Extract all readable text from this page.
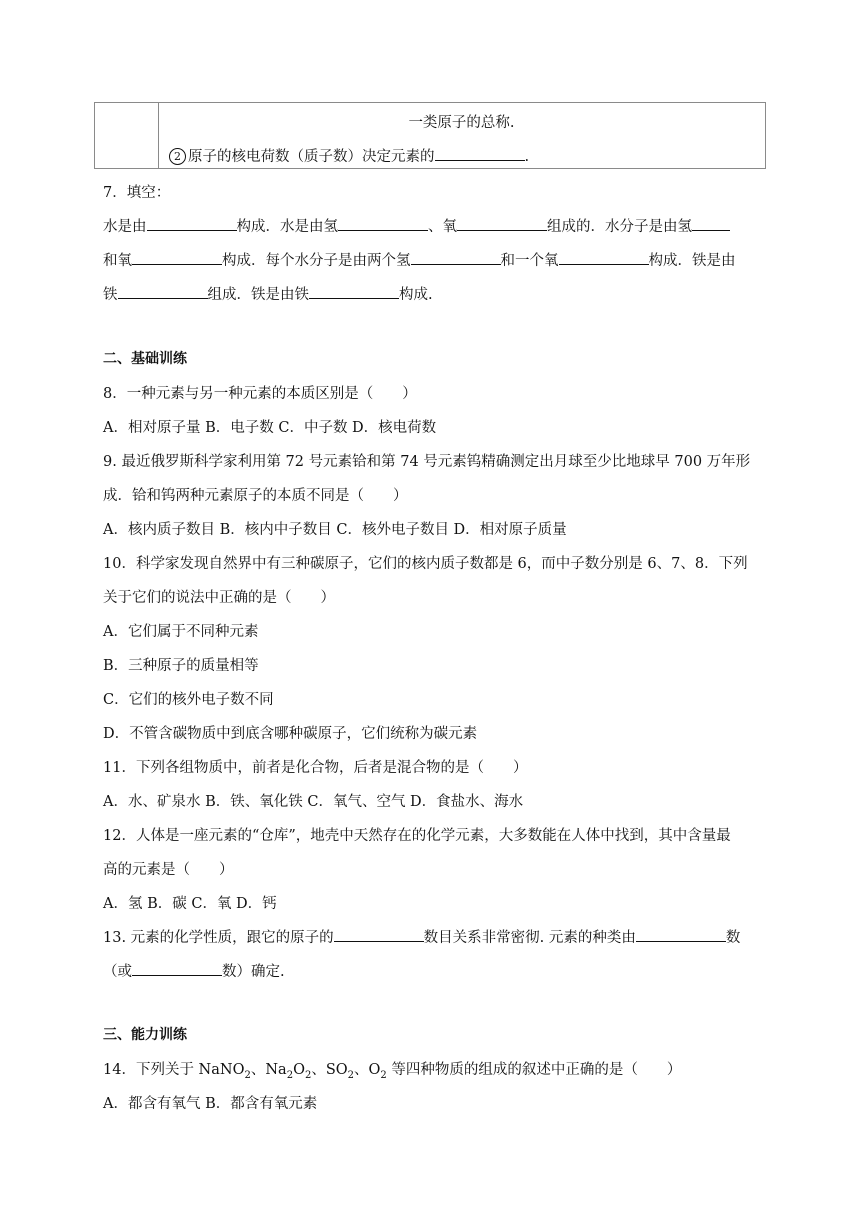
一类原子的总称.
2 原子的核电荷数（质子数）决定元素的	.
7．填空：
水是由	构成．水是由氢	、氧	组成的．水分子是由氢
和氧	构成．每个水分子是由两个氢	和一个氧	构成．铁是由
铁	组成．铁是由铁	构成.
二、基础训练
8．一种元素与另一种元素的本质区别是（　　）
A．相对原子量 B．电子数 C．中子数 D．核电荷数
9. 最近俄罗斯科学家利用第 72 号元素铪和第 74 号元素钨精确测定出月球至少比地球早 700 万年形
成．铪和钨两种元素原子的本质不同是（　　）
A．核内质子数目 B．核内中子数目 C．核外电子数目 D．相对原子质量
10．科学家发现自然界中有三种碳原子，它们的核内质子数都是 6，而中子数分别是 6、7、8．下列
关于它们的说法中正确的是（　　）
A．它们属于不同种元素
B．三种原子的质量相等
C．它们的核外电子数不同
D．不管含碳物质中到底含哪种碳原子，它们统称为碳元素
11．下列各组物质中，前者是化合物，后者是混合物的是（　　）
A．水、矿泉水 B．铁、氧化铁 C．氧气、空气 D．食盐水、海水
12．人体是一座元素的“仓库”，地壳中天然存在的化学元素，大多数能在人体中找到，其中含量最
高的元素是（　　）
A．氢 B．碳 C．氧 D．钙
13. 元素的化学性质，跟它的原子的	数目关系非常密彻. 元素的种类由	数
（或	数）确定.
三、能力训练
14．下列关于 NaNO$_2$、$Na_2O_2$、$SO_2$、$O_2$ 等四种物质的组成的叙述中正确的是（　　）
A．都含有氧气 B．都含有氧元素
